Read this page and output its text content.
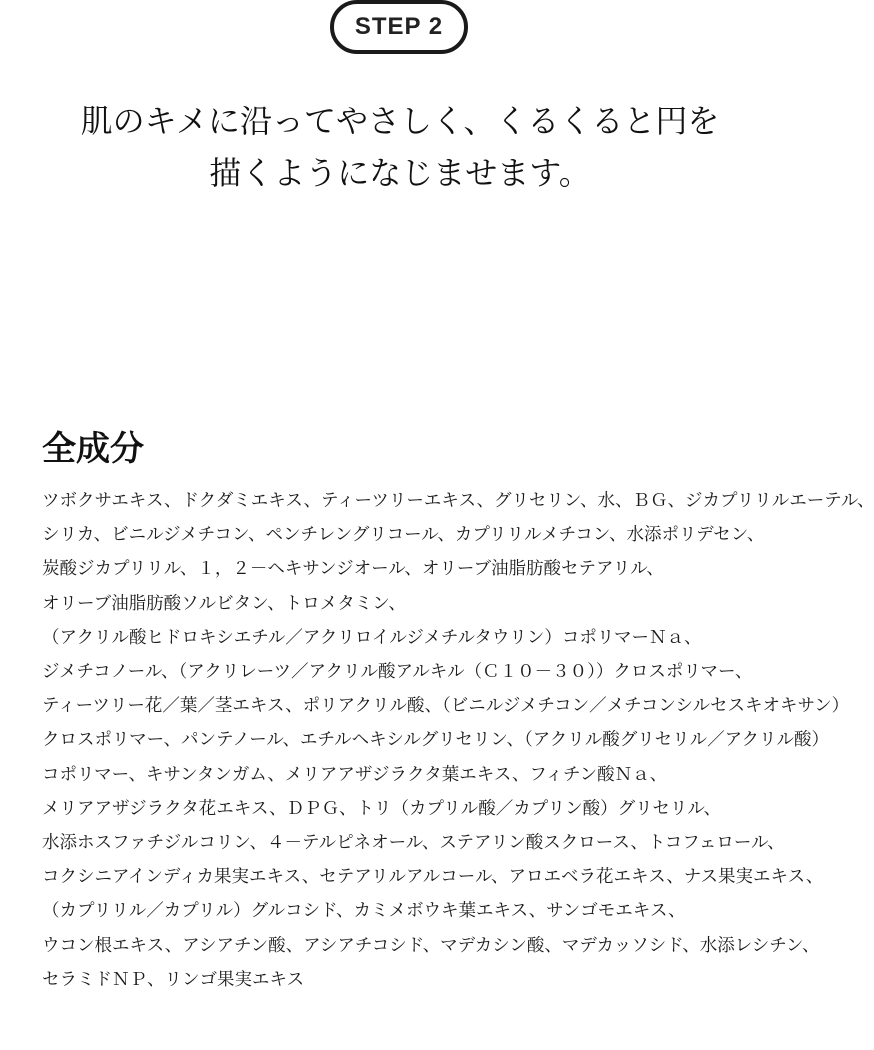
STEP 2
肌のキメに沿ってやさしく、くるくると円を
描くようになじませます。
全成分
ツボクサエキス、ドクダミエキス、ティーツリーエキス、グリセリン、水、ＢＧ、ジカプリリルエーテル、
シリカ、ビニルジメチコン、ペンチレングリコール、カプリリルメチコン、水添ポリデセン、
炭酸ジカプリリル、１，２－ヘキサンジオール、オリーブ油脂肪酸セテアリル、
オリーブ油脂肪酸ソルビタン、トロメタミン、
（アクリル酸ヒドロキシエチル／アクリロイルジメチルタウリン）コポリマーＮａ、
ジメチコノール、（アクリレーツ／アクリル酸アルキル（Ｃ１０－３０））クロスポリマー、
ティーツリー花／葉／茎エキス、ポリアクリル酸、（ビニルジメチコン／メチコンシルセスキオキサン）
クロスポリマー、パンテノール、エチルヘキシルグリセリン、（アクリル酸グリセリル／アクリル酸）
コポリマー、キサンタンガム、メリアアザジラクタ葉エキス、フィチン酸Ｎａ、
メリアアザジラクタ花エキス、ＤＰＧ、トリ（カプリル酸／カプリン酸）グリセリル、
水添ホスファチジルコリン、４－テルピネオール、ステアリン酸スクロース、トコフェロール、
コクシニアインディカ果実エキス、セテアリルアルコール、アロエベラ花エキス、ナス果実エキス、
（カプリリル／カプリル）グルコシド、カミメボウキ葉エキス、サンゴモエキス、
ウコン根エキス、アシアチン酸、アシアチコシド、マデカシン酸、マデカッソシド、水添レシチン、
セラミドＮＰ、リンゴ果実エキス
